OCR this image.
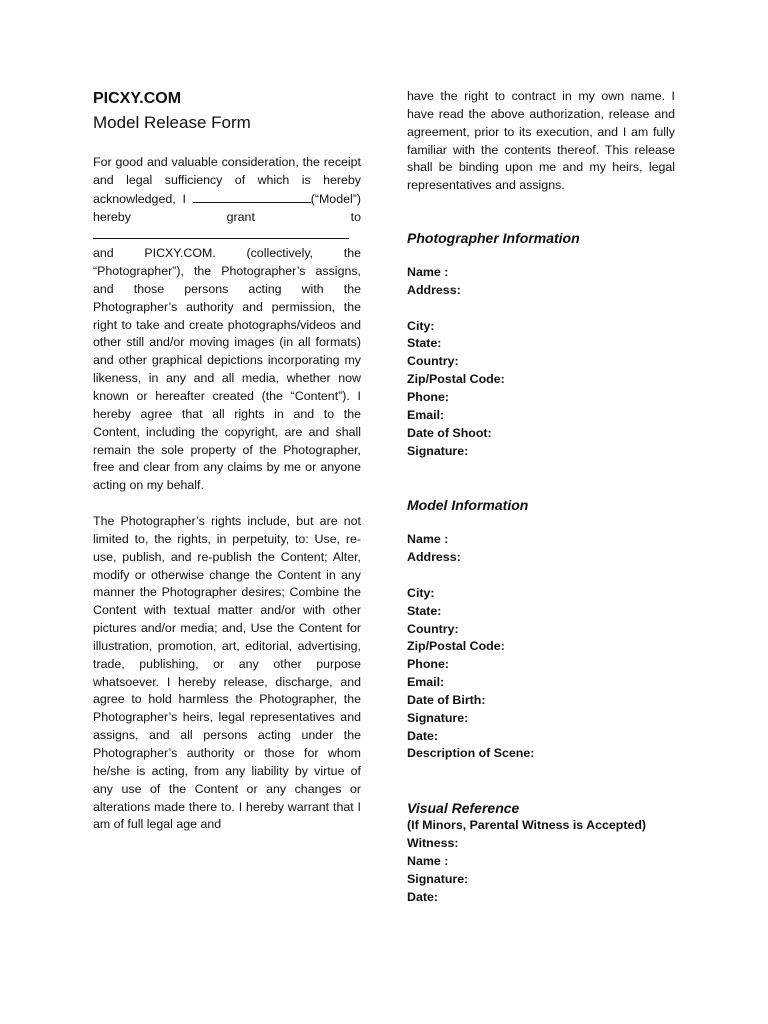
PICXY.COM

Model Release Form

For good and valuable consideration, the receipt and legal sufficiency of which is hereby acknowledged, I	(“Model”) hereby grant	to and PICXY.COM. (collectively, the “Photographer”), the Photographer’s assigns, and those persons acting with the Photographer’s authority and permission, the right to take and create photographs/videos and other still and/or moving images (in all formats) and other graphical depictions incorporating my likeness, in any and all media, whether now known or hereafter created (the “Content”). I hereby agree that all rights in and to the Content, including the copyright, are and shall remain the sole property of the Photographer, free and clear from any claims by me or anyone acting on my behalf.

The Photographer’s rights include, but are not limited to, the rights, in perpetuity, to: Use, re-use, publish, and re-publish the Content; Alter, modify or otherwise change the Content in any manner the Photographer desires; Combine the Content with textual matter and/or with other pictures and/or media; and, Use the Content for illustration, promotion, art, editorial, advertising, trade, publishing, or any other purpose whatsoever. I hereby release, discharge, and agree to hold harmless the Photographer, the Photographer’s heirs, legal representatives and assigns, and all persons acting under the Photographer’s authority or those for whom he/she is acting, from any liability by virtue of any use of the Content or any changes or alterations made there to. I hereby warrant that I am of full legal age and

have the right to contract in my own name. I have read the above authorization, release and agreement, prior to its execution, and I am fully familiar with the contents thereof. This release shall be binding upon me and my heirs, legal representatives and assigns.

Photographer Information

Name :
Address:
City:
State:
Country:
Zip/Postal Code:
Phone:
Email:
Date of Shoot:
Signature:

Model Information

Name :
Address:
City:
State:
Country:
Zip/Postal Code:
Phone:
Email:
Date of Birth:
Signature:
Date:
Description of Scene:

Visual Reference

(If Minors, Parental Witness is Accepted)

Witness:
Name :
Signature:
Date:
